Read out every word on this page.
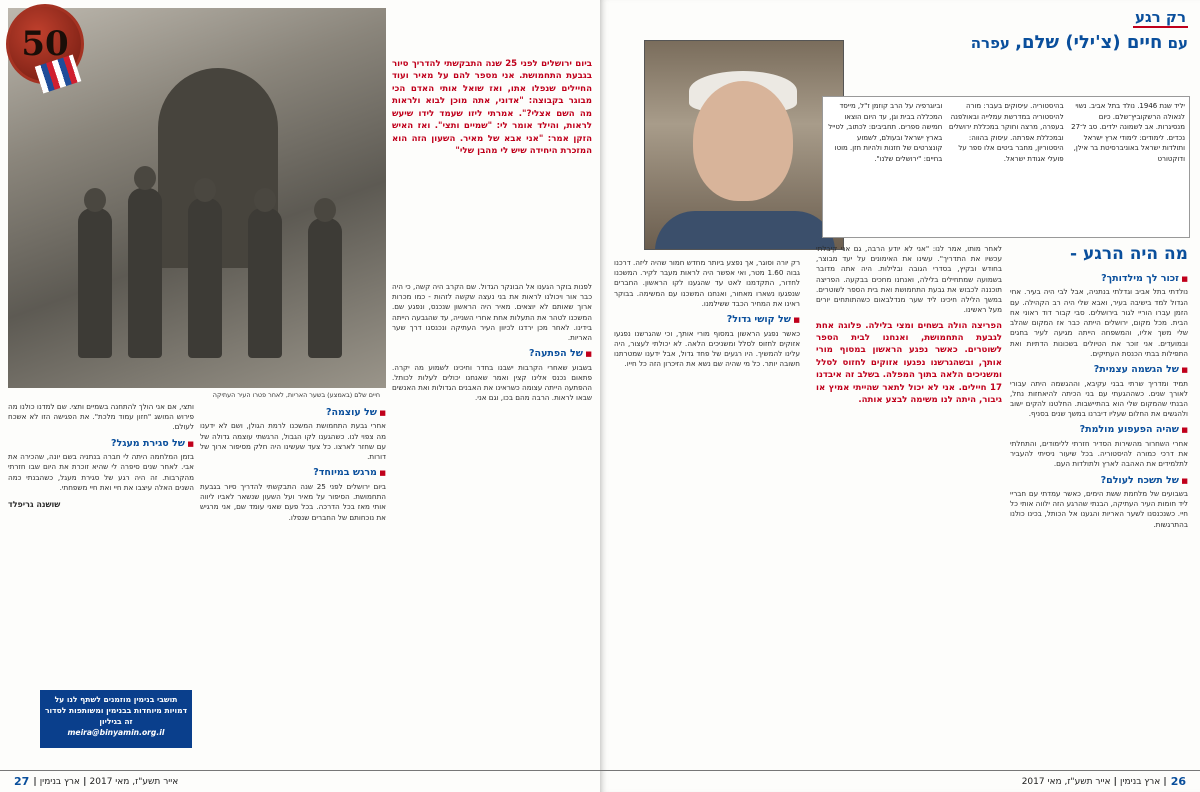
50
חיים שלם (באמצע) בשער האריות, לאחר פטרו העיר העתיקה
ביום ירושלים לפני 25 שנה התבקשתי להדריך סיור בגבעת התחמושת. אני מספר להם על מאיר ועוד החיילים שנפלו אתו, ואז שואל אותי האדם הכי מבוגר בקבוצה: "אדוני, אתה מוכן לבוא ולראות מה השם אצלי?". אמרתי ליזו שעמד לידו שיעש לראות, והילד אומר לי: "שמיים ותצי". ואז האיש הזקן אמר: "אני אבא של מאיר. השעון הזה הוא המזכרת היחידה שיש לי מהבן שלי"

לפנות בוקר הגענו אל הבונקר הגדול. שם הקרב היה קשה, כי היה כבר אור ויכולנו לראות את בני נעצה שקשה לזהות - כמו מכרות ארוך שאותם לא יוצאים. מאיר היה הראשון שנכנס, ונפגע שם. המשכנו לטהר את התעלות אחת אחרי השנייה, עד שהגבעה הייתה בידינו. לאחר מכן ירדנו לכיוון העיר העתיקה ונכנסנו דרך שער האריות.

■ של הפתעה?

בשבוע שאחרי הקרבות ישבנו בחדר וחיכינו לשמוע מה יקרה. פתאום נכנס אלינו קצין ואמר שאנחנו יכולים לעלות לכותל. ההפתעה הייתה עצומה כשראינו את האבנים הגדולות ואת האנשים שבאו לראות. הרבה מהם בכו, וגם אני.

■ של עוצמה?

אחרי גבעת התחמושת המשכנו לרמת הגולן, ושם לא ידענו מה צפוי לנו. כשהגענו לקו הגבול, הרגשתי עוצמה גדולה של עם שחזר לארצו. כל צעד שעשינו היה חלק מסיפור ארוך של דורות.

■ מרגש במיוחד?

ביום ירושלים לפני 25 שנה התבקשתי להדריך סיור בגבעת התחמושת. הסיפור על מאיר ועל השעון שנשאר לאביו ליווה אותי מאז בכל הדרכה. בכל פעם שאני עומד שם, אני מרגיש את נוכחותם של החברים שנפלו.

ותצי, אם אני הולך להתחנה בשמיים ותצי. שם למדנו כולנו מה פירוש המושג "חזון עמוד מלכת". את הפגישה הזו לא אשכח לעולם.

■ של סגירת מעגל?

בזמן המלחמה היתה לי חברה בנתניה בשם יונה, שהכירה את אבי. לאחר שנים סיפרה לי שהיא זוכרת את היום שבו חזרתי מהקרבות. זה היה רגע של סגירת מעגל, כשהבנתי כמה השנים האלה עיצבו את חיי ואת חיי משפחתי.

שושנה גריפלד
תושבי בנימין מוזמנים לשתף לנו על דמויות מיוחדות בבנימין ומשותפות לסדור זה בגיליון
meira@binyamin.org.il
אייר תשע"ז, מאי 2017
|
ארץ בנימין
|
27
רק רגע
עם חיים (צ'ילי) שלם, עפרה
יליד שנת 1946. נולד בתל אביב. נשוי לנאולה הרשקוביץ־שלם. כיום מנסיגרות. אב לשמונה ילדים. סב ל־27 נכדים. לימודים: לימודי ארץ ישראל ותולדות ישראל באוניברסיטת בר אילן, ודוקטורט
בהיסטוריה. עיסוקים בעבר: מורה להיסטוריה במדרשת עמלייה ובאולפנה בעפרה, מרצה וחוקר במכללת ירושלים ובמכללת אפרתה. עיסוק בהווה: היסטוריון, מחבר ביטים אלו ספר על פועלי אגודת ישראל.
וביוגרפיה על הרב קוזמן ז"ל, מייסד המכללה בבית וגן, עד היום הוצאו חמישה ספרים. תחביבים: לכתוב, לטייל בארץ ישראל ובעולם, לשמוע קונצרטים של חזנות ולהיות חזן. מוטו בחיים: "ירושלים שלנו".
מה היה הרגע -
■ זכור לך מילדותך?

נולדתי בתל אביב וגדלתי בנתניה, אבל לבי היה בעיר. אחי הגדול למד בישיבה בעיר, ואבא שלי היה רב הקהילה. עם הזמן עברו הוריי לגור בירושלים. סבי קבור דוד ראוני אח הבית. מכל מקום, ירושלים הייתה כבר אז המקום שהלב שלי משך אליו, והמשפחה הייתה מגיעה לעיר בחגים ובמועדים. אני זוכר את הטיולים בשכונות הדתיות ואת התפילות בבתי הכנסת העתיקים.

■ של הגשמה עצמית?

תמיד ומדריך שרתי בבני עקיבא, וההגשמה היתה עבורי לאורך שנים. כשההגעתי עם בני הכיתה להיאחזות נחל, הבנתי שהמקום שלי הוא בהתיישבות. החלטנו להקים ישוב ולהגשים את החלום שעליו דיברנו במשך שנים בסניף.

■ שהיה הפעפוע מולמת?

אחרי השחרור מהשירות הסדיר חזרתי ללימודים, והתחלתי את דרכי כמורה להיסטוריה. בכל שיעור ניסיתי להעביר לתלמידים את האהבה לארץ ולתולדות העם.

■ של תשכח לעולם?

בשבועים של מלחמת ששת הימים, כאשר עמדתי עם חבריי ליד חומות העיר העתיקה, הבנתי שהרגע הזה ילווה אותי כל חיי. כשנכנסנו לשער האריות והגענו אל הכותל, בכינו כולנו בהתרגשות.

לאחר מותו, אמר לנו: "אני לא יודע הרבה, גם אני קיבלתי עכשיו את התדריך". עשינו את האימונים על יעד מבוצר, בחודש ובקיץ, בסדרי הגובה ובלילות. היה אתה מדובר בשמועה שמתחילים בלילה, ואנחנו מחכים בבקעה. הפריצה תוכננה לכבוש את גבעת התחמושת ואת בית הספר לשוטרים. במשך הלילה חיכינו ליד שער מנדלבאום כשהתותחים יורים מעל ראשינו.

הפריצה הולה בשחים ומצי בלילה. פלוגה אחת לגבעת התחמושת, ואנחנו לבית הספר לשוטרים. כאשר נפגע הראשון במסוף מורי אותך, ובשהגרשנו נפגעו אזוקים לחזוס לסלל ומשניכים הלאה בתוך המפלה. בשלב זה איבדנו 17 חיילים. אני לא יכול לתאר שהייתי אמיץ או גיבור, היתה לנו משימה לבצע אותה.

רק יורה וסוגר, אך נפצע ביותר מחדש חמור שהיה ליזה. דרכנו גבוה 1.60 מטר, ואי אפשר היה לראות מעבר לקיר. המשכנו לחדור, התקדמנו לאט עד שהגענו לקו הראשון. החברים שנפגעו נשארו מאחור, ואנחנו המשכנו עם המשימה. בבוקר ראינו את המחיר הכבד ששילמנו.

■ של קושי גדול?

כאשר נפגע הראשון במסוף מורי אותך, וכי שהגרשנו נפגעו אזוקים לחזוס לסלל ומשניכים הלאה. לא יכולתי לעצור, היה עלינו להמשיך. היו רגעים של פחד גדול, אבל ידענו שמטרתנו חשובה יותר. כל מי שהיה שם נשא את הזיכרון הזה כל חייו.

26
|
ארץ בנימין
|
אייר תשע"ז, מאי 2017
